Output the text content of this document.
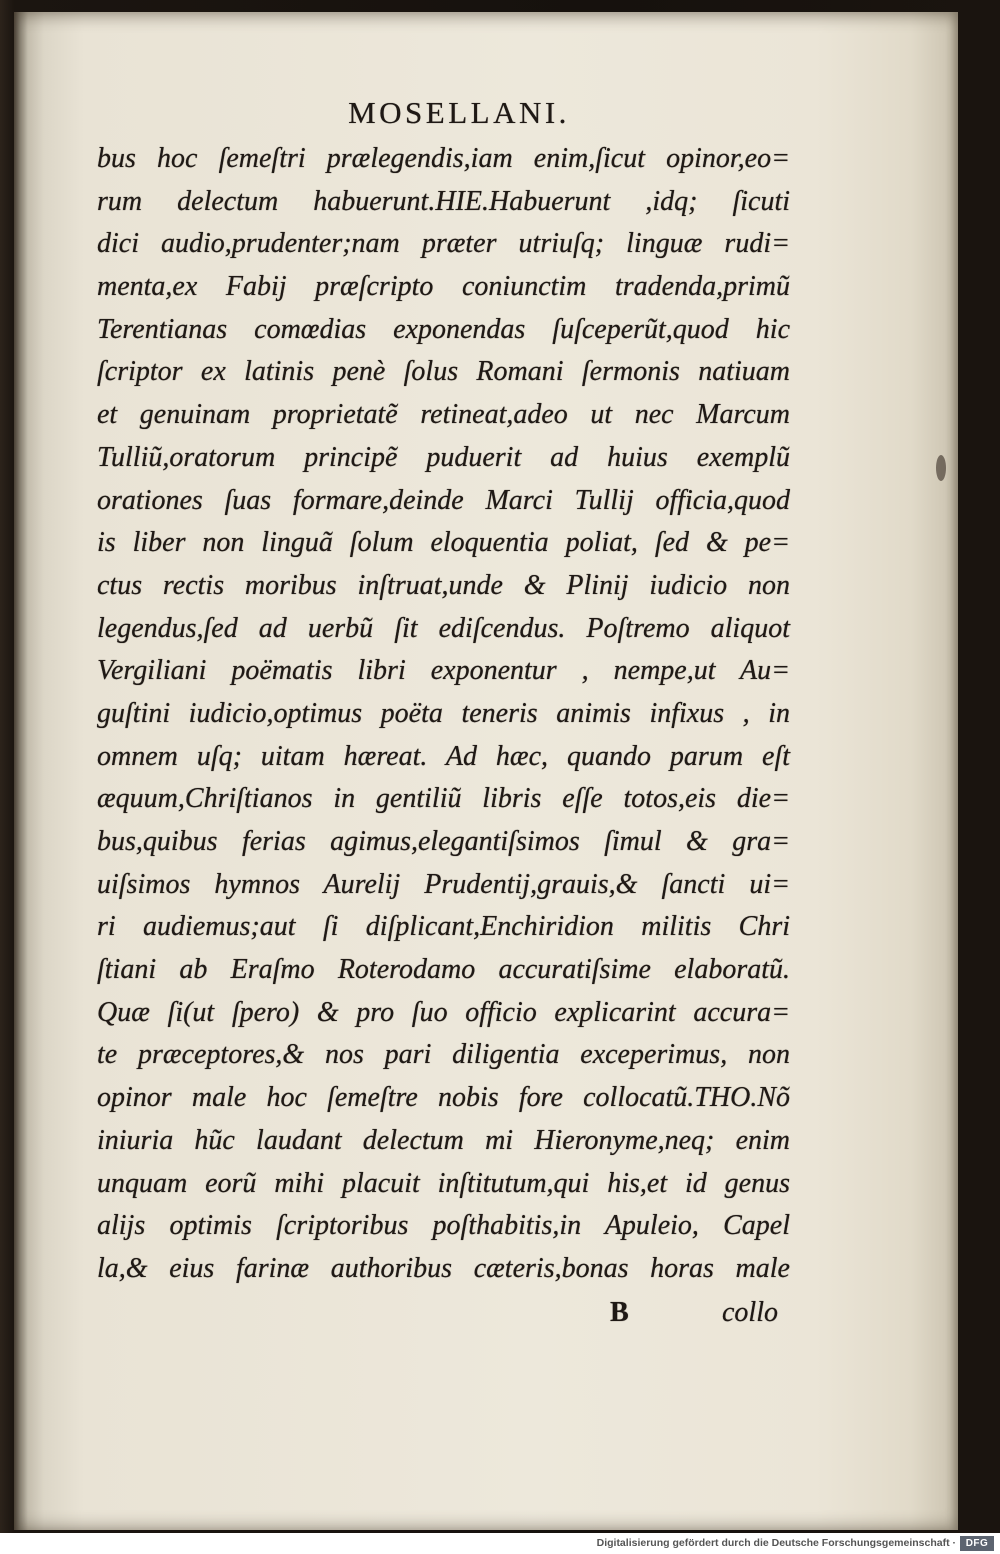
MOSELLANI.
bus hoc ſemeſtri prælegendis,iam enim,ſicut opinor,eo=
rum delectum habuerunt.HIE.Habuerunt ,idq; ſicuti
dici audio,prudenter;nam præter utriuſq; linguæ rudi=
menta,ex Fabij præſcripto coniunctim tradenda,primũ
Terentianas comœdias exponendas ſuſceperũt,quod hic
ſcriptor ex latinis penè ſolus Romani ſermonis natiuam
et genuinam proprietatẽ retineat,adeo ut nec Marcum
Tulliũ,oratorum principẽ puduerit ad huius exemplũ
orationes ſuas formare,deinde Marci Tullij officia,quod
is liber non linguã ſolum eloquentia poliat, ſed & pe=
ctus rectis moribus inſtruat,unde & Plinij iudicio non
legendus,ſed ad uerbũ ſit ediſcendus. Poſtremo aliquot
Vergiliani poëmatis libri exponentur , nempe,ut Au=
guſtini iudicio,optimus poëta teneris animis infixus , in
omnem uſq; uitam hæreat. Ad hæc, quando parum eſt
æquum,Chriſtianos in gentiliũ libris eſſe totos,eis die=
bus,quibus ferias agimus,elegantiſsimos ſimul & gra=
uiſsimos hymnos Aurelij Prudentij,grauis,& ſancti ui=
ri audiemus;aut ſi diſplicant,Enchiridion militis Chri
ſtiani ab Eraſmo Roterodamo accuratiſsime elaboratũ.
Quæ ſi(ut ſpero) & pro ſuo officio explicarint accura=
te præceptores,& nos pari diligentia exceperimus, non
opinor male hoc ſemeſtre nobis fore collocatũ.THO.Nõ
iniuria hũc laudant delectum mi Hieronyme,neq; enim
unquam eorũ mihi placuit inſtitutum,qui his,et id genus
alijs optimis ſcriptoribus poſthabitis,in Apuleio, Capel
la,& eius farinæ authoribus cæteris,bonas horas male
B	collo
Digitalisierung gefördert durch die Deutsche Forschungsgemeinschaft · DFG
